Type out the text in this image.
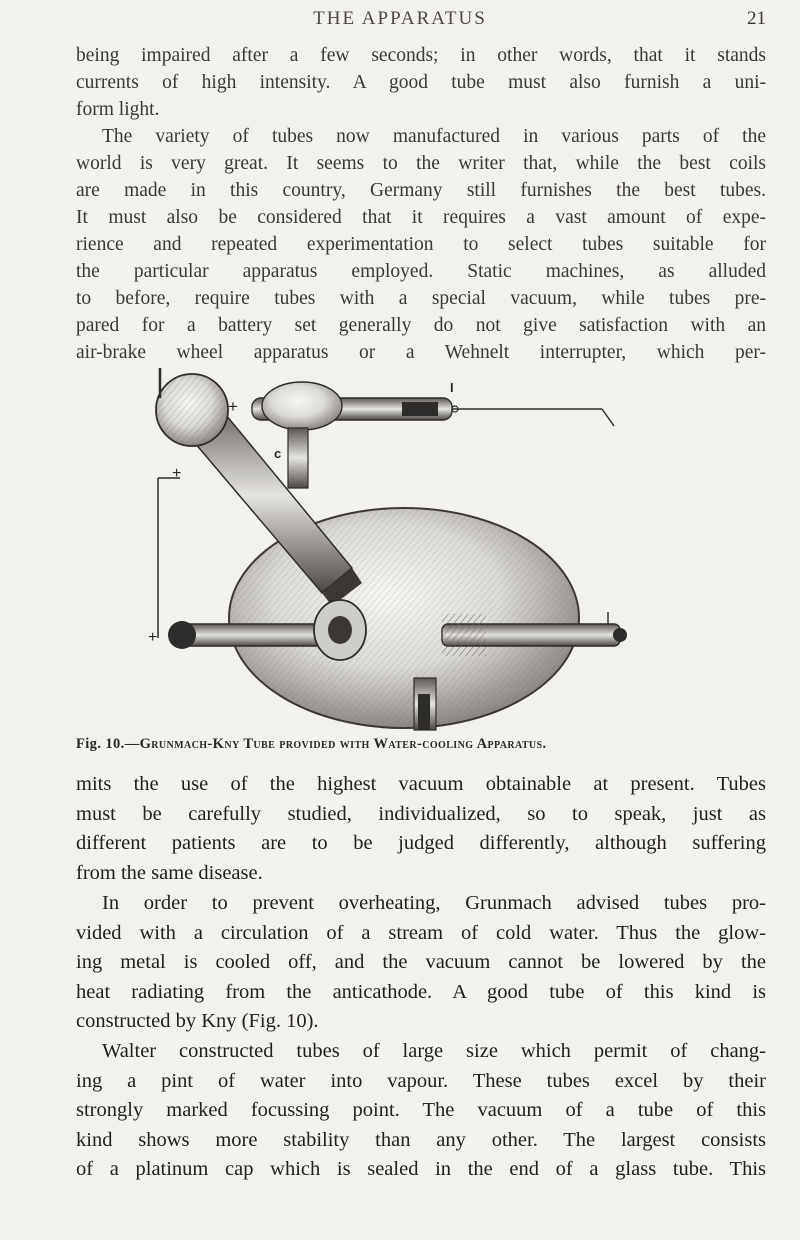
THE APPARATUS	21
being impaired after a few seconds; in other words, that it stands
currents of high intensity. A good tube must also furnish a uni-
form light.
The variety of tubes now manufactured in various parts of the
world is very great. It seems to the writer that, while the best coils
are made in this country, Germany still furnishes the best tubes.
It must also be considered that it requires a vast amount of expe-
rience and repeated experimentation to select tubes suitable for
the particular apparatus employed. Static machines, as alluded
to before, require tubes with a special vacuum, while tubes pre-
pared for a battery set generally do not give satisfaction with an
air-brake wheel apparatus or a Wehnelt interrupter, which per-
+
+
+
I
c
Fig. 10.—Grunmach-Kny Tube provided with Water-cooling Apparatus.
mits the use of the highest vacuum obtainable at present. Tubes
must be carefully studied, individualized, so to speak, just as
different patients are to be judged differently, although suffering
from the same disease.
In order to prevent overheating, Grunmach advised tubes pro-
vided with a circulation of a stream of cold water. Thus the glow-
ing metal is cooled off, and the vacuum cannot be lowered by the
heat radiating from the anticathode. A good tube of this kind is
constructed by Kny (Fig. 10).
Walter constructed tubes of large size which permit of chang-
ing a pint of water into vapour. These tubes excel by their
strongly marked focussing point. The vacuum of a tube of this
kind shows more stability than any other. The largest consists
of a platinum cap which is sealed in the end of a glass tube. This
